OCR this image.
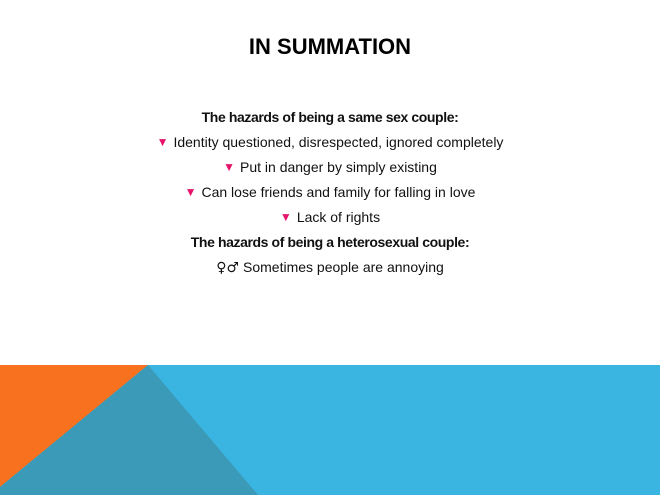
IN SUMMATION
The hazards of being a same sex couple:
▼ Identity questioned, disrespected, ignored completely
▼ Put in danger by simply existing
▼ Can lose friends and family for falling in love
▼ Lack of rights
The hazards of being a heterosexual couple:
♀♂ Sometimes people are annoying
